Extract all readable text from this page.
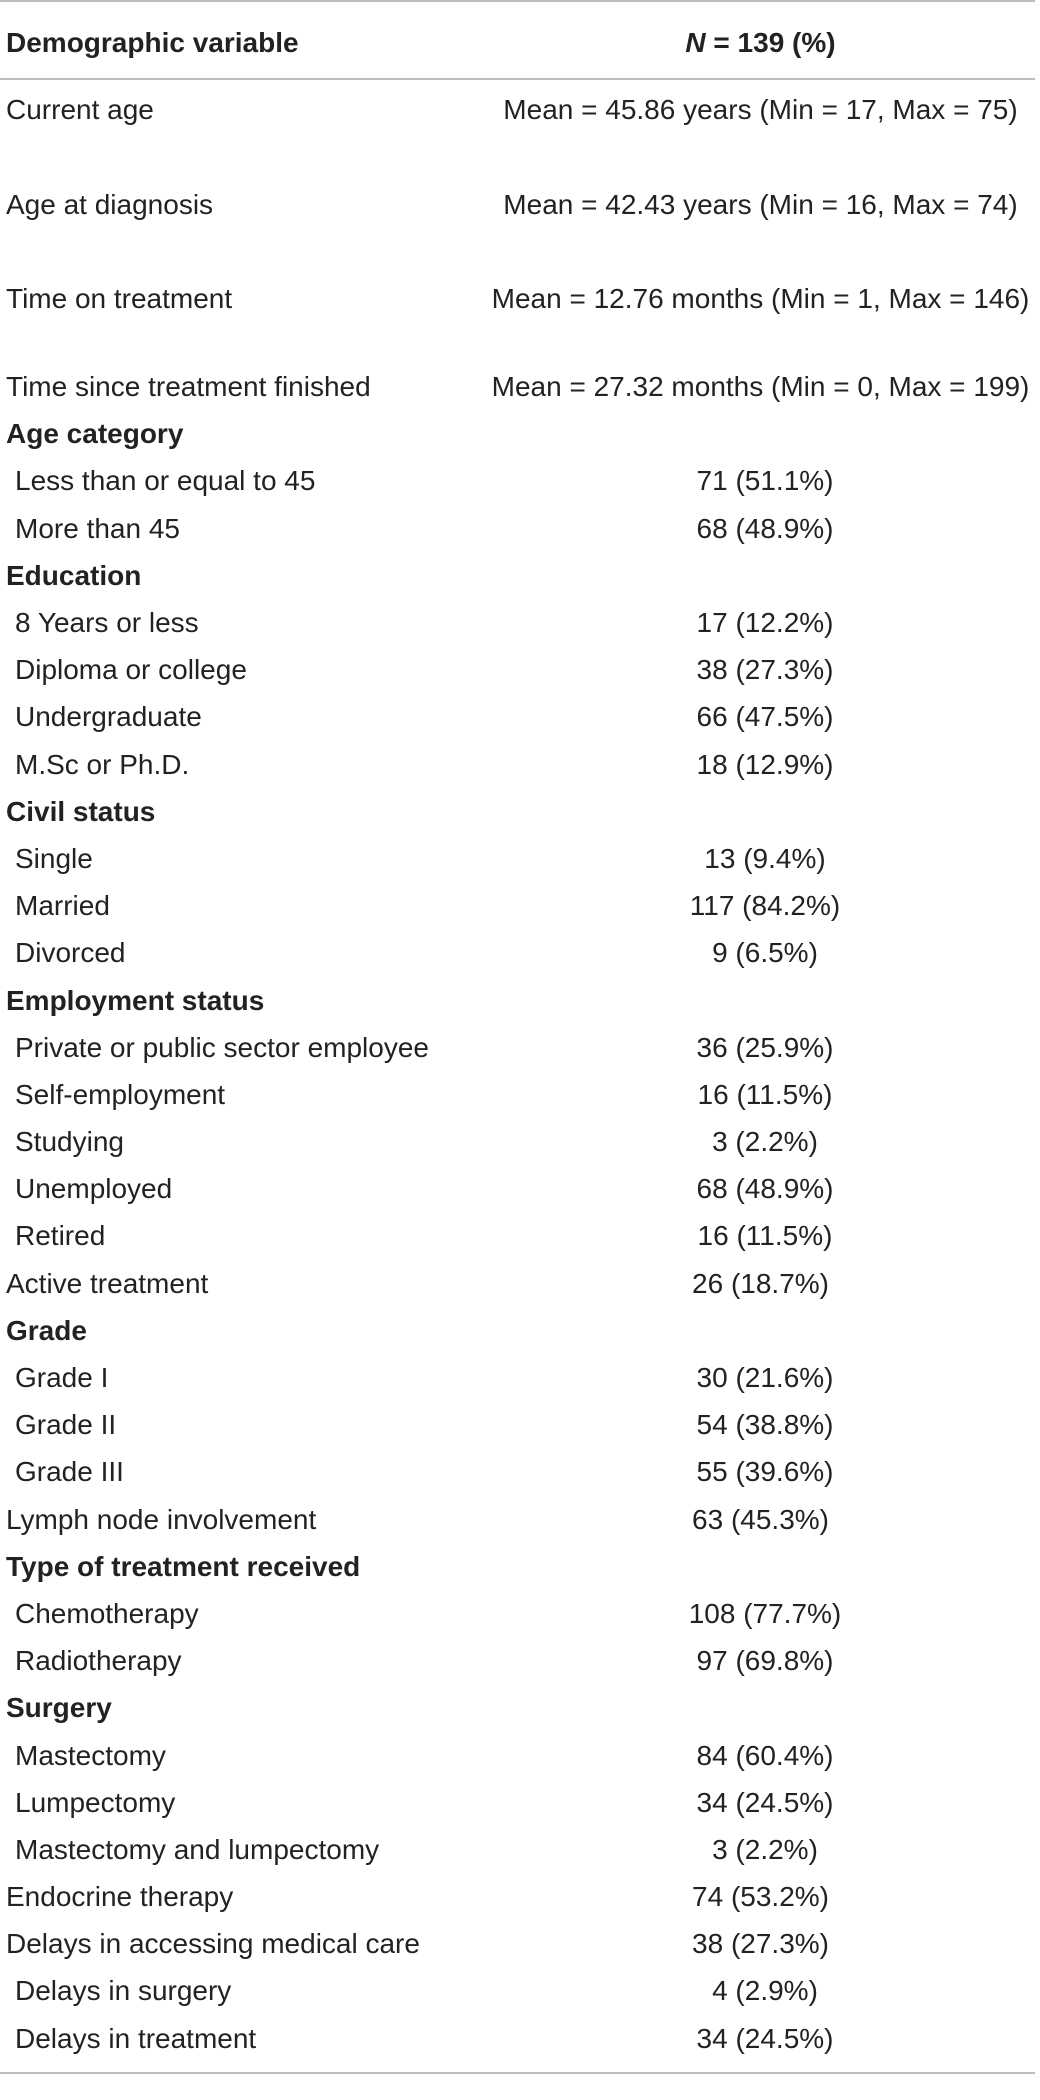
Demographic variable	N = 139 (%)
Current age	Mean = 45.86 years (Min = 17, Max = 75)
Age at diagnosis	Mean = 42.43 years (Min = 16, Max = 74)
Time on treatment	Mean = 12.76 months (Min = 1, Max = 146)
Time since treatment finished	Mean = 27.32 months (Min = 0, Max = 199)
Age category
Less than or equal to 45	71 (51.1%)
More than 45	68 (48.9%)
Education
8 Years or less	17 (12.2%)
Diploma or college	38 (27.3%)
Undergraduate	66 (47.5%)
M.Sc or Ph.D.	18 (12.9%)
Civil status
Single	13 (9.4%)
Married	117 (84.2%)
Divorced	9 (6.5%)
Employment status
Private or public sector employee	36 (25.9%)
Self-employment	16 (11.5%)
Studying	3 (2.2%)
Unemployed	68 (48.9%)
Retired	16 (11.5%)
Active treatment	26 (18.7%)
Grade
Grade I	30 (21.6%)
Grade II	54 (38.8%)
Grade III	55 (39.6%)
Lymph node involvement	63 (45.3%)
Type of treatment received
Chemotherapy	108 (77.7%)
Radiotherapy	97 (69.8%)
Surgery
Mastectomy	84 (60.4%)
Lumpectomy	34 (24.5%)
Mastectomy and lumpectomy	3 (2.2%)
Endocrine therapy	74 (53.2%)
Delays in accessing medical care	38 (27.3%)
Delays in surgery	4 (2.9%)
Delays in treatment	34 (24.5%)
